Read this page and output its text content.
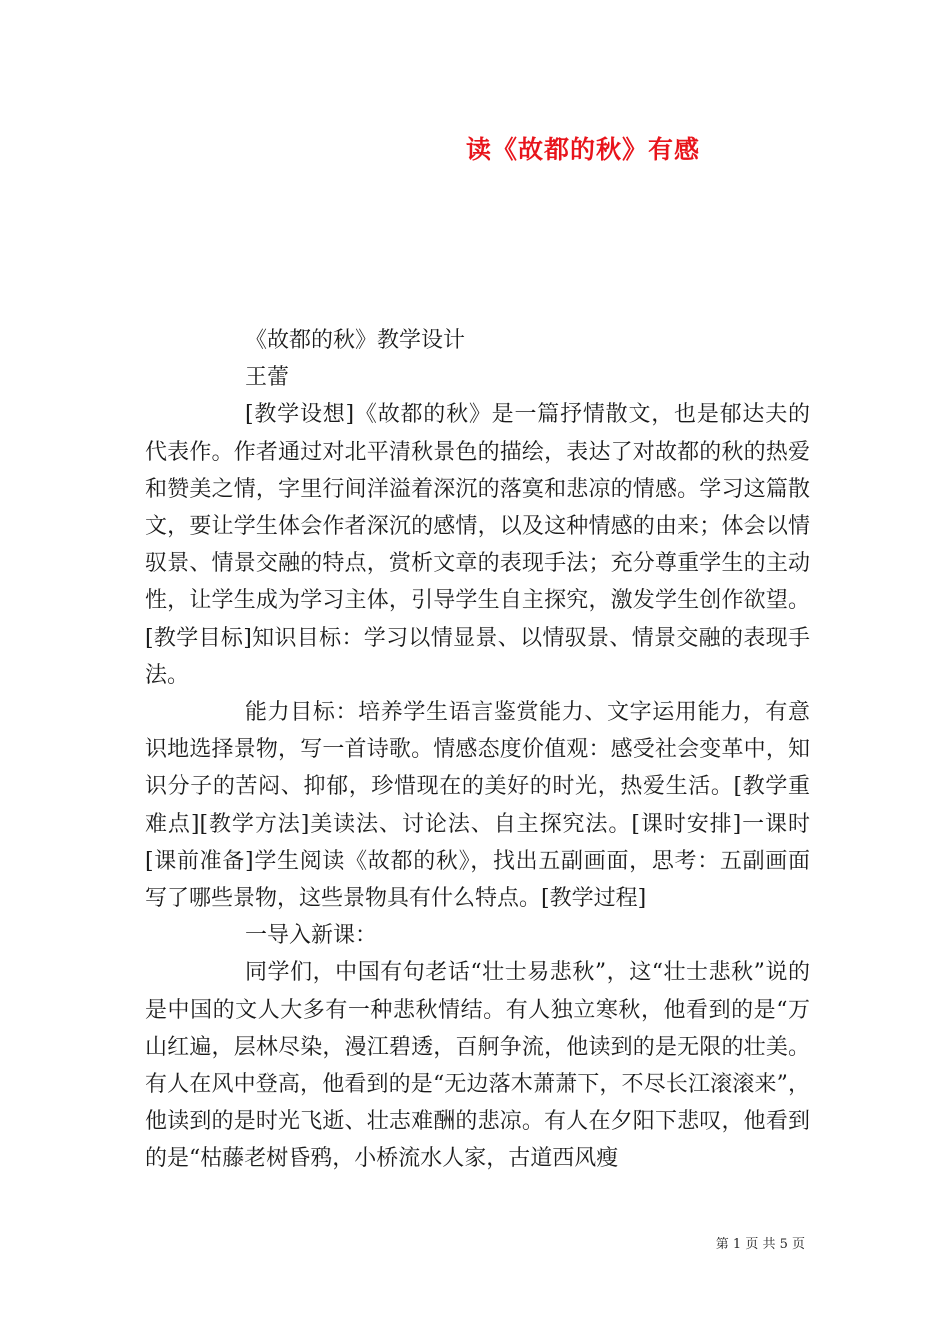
读《故都的秋》有感

《故都的秋》教学设计

王蕾

[教学设想]《故都的秋》是一篇抒情散文，也是郁达夫的代表作。作者通过对北平清秋景色的描绘，表达了对故都的秋的热爱和赞美之情，字里行间洋溢着深沉的落寞和悲凉的情感。学习这篇散文，要让学生体会作者深沉的感情，以及这种情感的由来；体会以情驭景、情景交融的特点，赏析文章的表现手法；充分尊重学生的主动性，让学生成为学习主体，引导学生自主探究，激发学生创作欲望。[教学目标]知识目标：学习以情显景、以情驭景、情景交融的表现手法。

能力目标：培养学生语言鉴赏能力、文字运用能力，有意识地选择景物，写一首诗歌。情感态度价值观：感受社会变革中，知识分子的苦闷、抑郁，珍惜现在的美好的时光，热爱生活。[教学重难点][教学方法]美读法、讨论法、自主探究法。[课时安排]一课时[课前准备]学生阅读《故都的秋》，找出五副画面，思考：五副画面写了哪些景物，这些景物具有什么特点。[教学过程]

一导入新课：

同学们，中国有句老话“壮士易悲秋”，这“壮士悲秋”说的是中国的文人大多有一种悲秋情结。有人独立寒秋，他看到的是“万山红遍，层林尽染，漫江碧透，百舸争流，他读到的是无限的壮美。有人在风中登高，他看到的是“无边落木萧萧下，不尽长江滚滚来”，他读到的是时光飞逝、壮志难酬的悲凉。有人在夕阳下悲叹，他看到的是“枯藤老树昏鸦，小桥流水人家，古道西风瘦

第 1 页 共 5 页
